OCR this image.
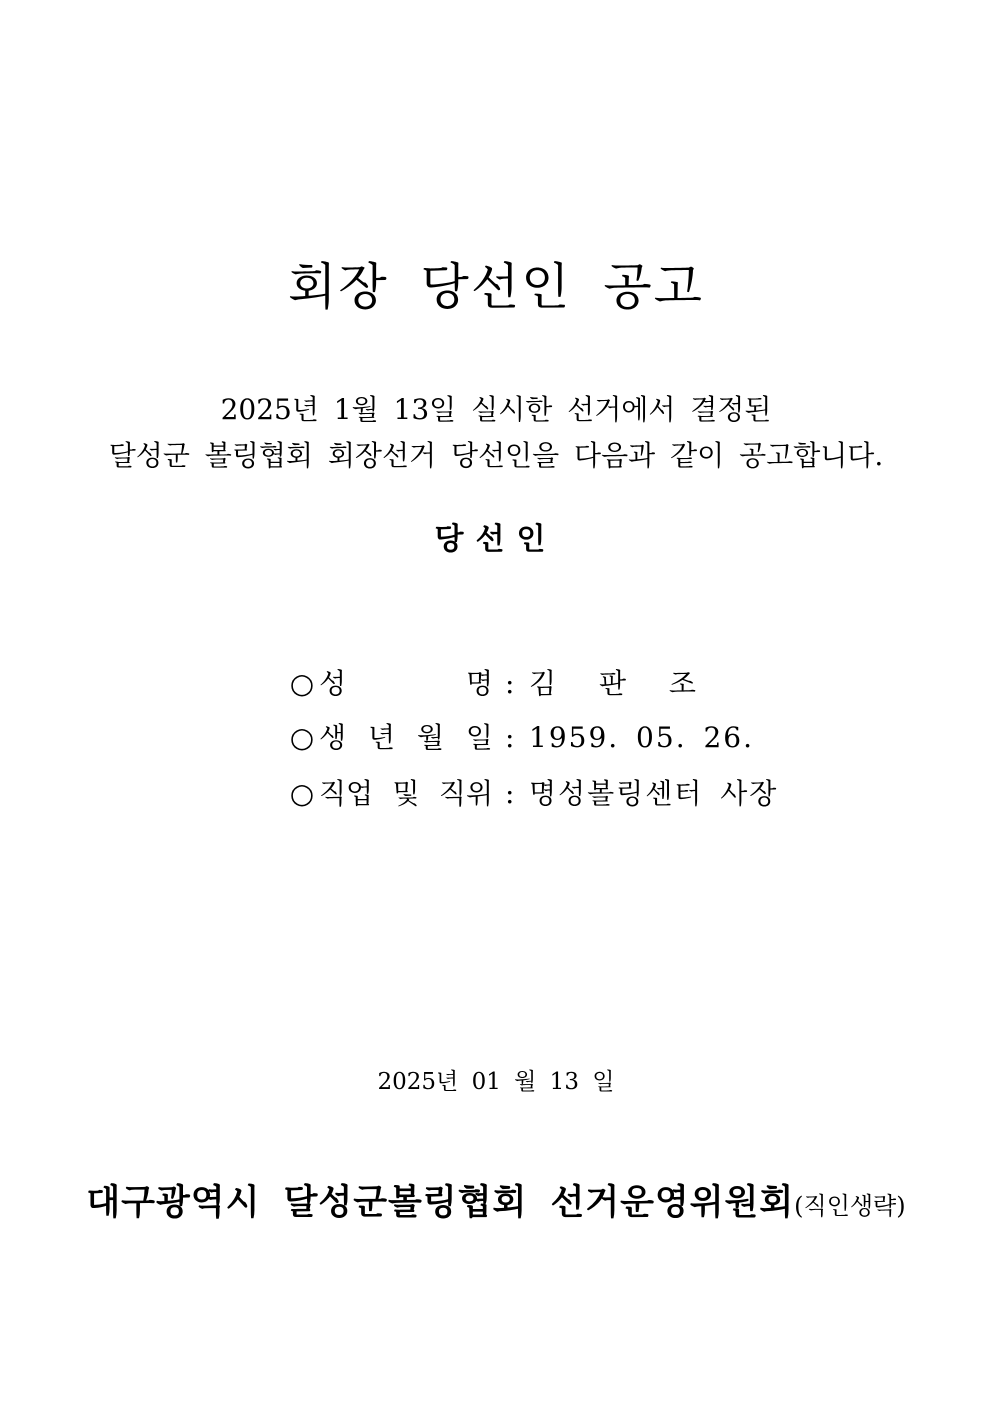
회장 당선인 공고
2025년 1월 13일 실시한 선거에서 결정된
달성군 볼링협회 회장선거 당선인을 다음과 같이 공고합니다.
당선인
○ 성	명 : 김 판 조
○ 생 년 월 일 : 1959. 05. 26.
○ 직업 및 직위 : 명성볼링센터 사장
2025년 01 월 13 일
대구광역시 달성군볼링협회 선거운영위원회(직인생략)
